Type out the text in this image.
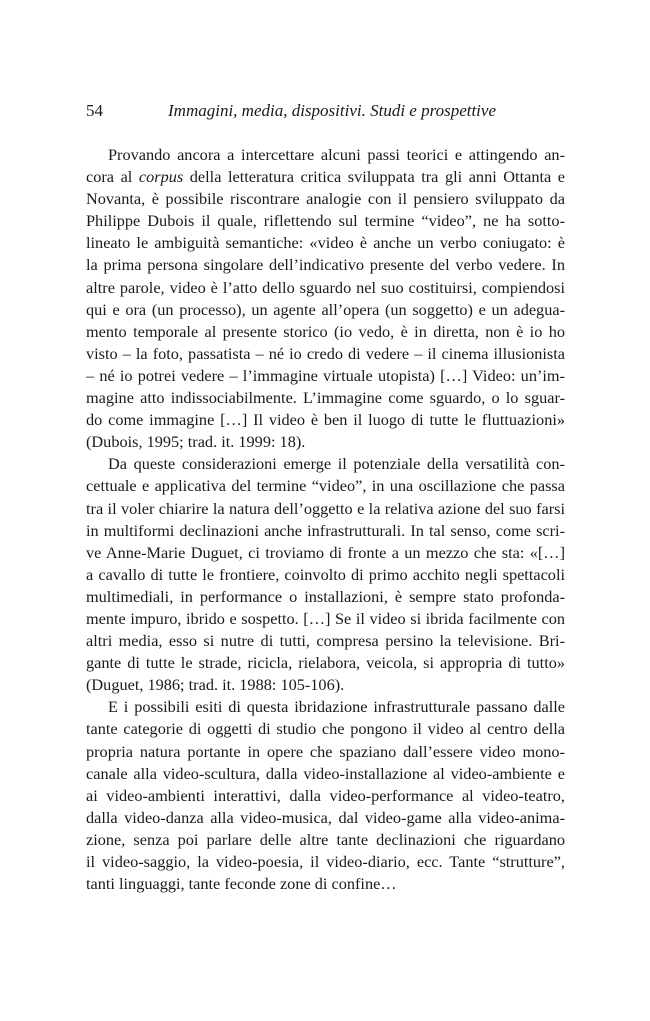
54	Immagini, media, dispositivi. Studi e prospettive
Provando ancora a intercettare alcuni passi teorici e attingendo an-
cora al corpus della letteratura critica sviluppata tra gli anni Ottanta e
Novanta, è possibile riscontrare analogie con il pensiero sviluppato da
Philippe Dubois il quale, riflettendo sul termine “video”, ne ha sotto-
lineato le ambiguità semantiche: «video è anche un verbo coniugato: è
la prima persona singolare dell’indicativo presente del verbo vedere. In
altre parole, video è l’atto dello sguardo nel suo costituirsi, compiendosi
qui e ora (un processo), un agente all’opera (un soggetto) e un adegua-
mento temporale al presente storico (io vedo, è in diretta, non è io ho
visto – la foto, passatista – né io credo di vedere – il cinema illusionista
– né io potrei vedere – l’immagine virtuale utopista) […] Video: un’im-
magine atto indissociabilmente. L’immagine come sguardo, o lo sguar-
do come immagine […] Il video è ben il luogo di tutte le fluttuazioni»
(Dubois, 1995; trad. it. 1999: 18).
Da queste considerazioni emerge il potenziale della versatilità con-
cettuale e applicativa del termine “video”, in una oscillazione che passa
tra il voler chiarire la natura dell’oggetto e la relativa azione del suo farsi
in multiformi declinazioni anche infrastrutturali. In tal senso, come scri-
ve Anne-Marie Duguet, ci troviamo di fronte a un mezzo che sta: «[…]
a cavallo di tutte le frontiere, coinvolto di primo acchito negli spettacoli
multimediali, in performance o installazioni, è sempre stato profonda-
mente impuro, ibrido e sospetto. […] Se il video si ibrida facilmente con
altri media, esso si nutre di tutti, compresa persino la televisione. Bri-
gante di tutte le strade, ricicla, rielabora, veicola, si appropria di tutto»
(Duguet, 1986; trad. it. 1988: 105-106).
E i possibili esiti di questa ibridazione infrastrutturale passano dalle
tante categorie di oggetti di studio che pongono il video al centro della
propria natura portante in opere che spaziano dall’essere video mono-
canale alla video-scultura, dalla video-installazione al video-ambiente e
ai video-ambienti interattivi, dalla video-performance al video-teatro,
dalla video-danza alla video-musica, dal video-game alla video-anima-
zione, senza poi parlare delle altre tante declinazioni che riguardano
il video-saggio, la video-poesia, il video-diario, ecc. Tante “strutture”,
tanti linguaggi, tante feconde zone di confine…
